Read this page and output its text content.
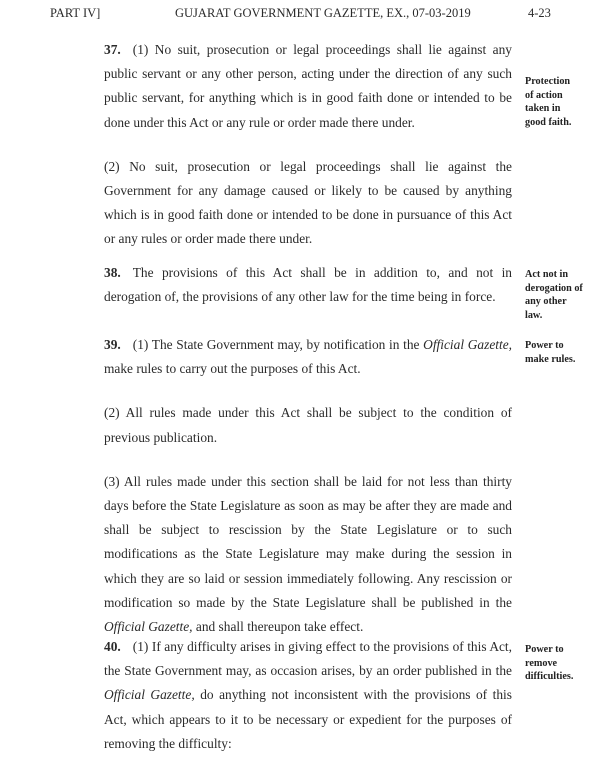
PART IV]	GUJARAT GOVERNMENT GAZETTE, EX., 07-03-2019	4-23

37. (1) No suit, prosecution or legal proceedings shall lie against any public servant or any other person, acting under the direction of any such public servant, for anything which is in good faith done or intended to be done under this Act or any rule or order made there under.

(2) No suit, prosecution or legal proceedings shall lie against the Government for any damage caused or likely to be caused by anything which is in good faith done or intended to be done in pursuance of this Act or any rules or order made there under.

Protection
of action
taken in
good faith.

38. The provisions of this Act shall be in addition to, and not in derogation of, the provisions of any other law for the time being in force.

Act not in
derogation of
any other
law.

39. (1) The State Government may, by notification in the Official Gazette, make rules to carry out the purposes of this Act.

(2) All rules made under this Act shall be subject to the condition of previous publication.

(3) All rules made under this section shall be laid for not less than thirty days before the State Legislature as soon as may be after they are made and shall be subject to rescission by the State Legislature or to such modifications as the State Legislature may make during the session in which they are so laid or session immediately following. Any rescission or modification so made by the State Legislature shall be published in the Official Gazette, and shall thereupon take effect.

Power to
make rules.

40. (1) If any difficulty arises in giving effect to the provisions of this Act, the State Government may, as occasion arises, by an order published in the Official Gazette, do anything not inconsistent with the provisions of this Act, which appears to it to be necessary or expedient for the purposes of removing the difficulty:

Power to
remove
difficulties.
